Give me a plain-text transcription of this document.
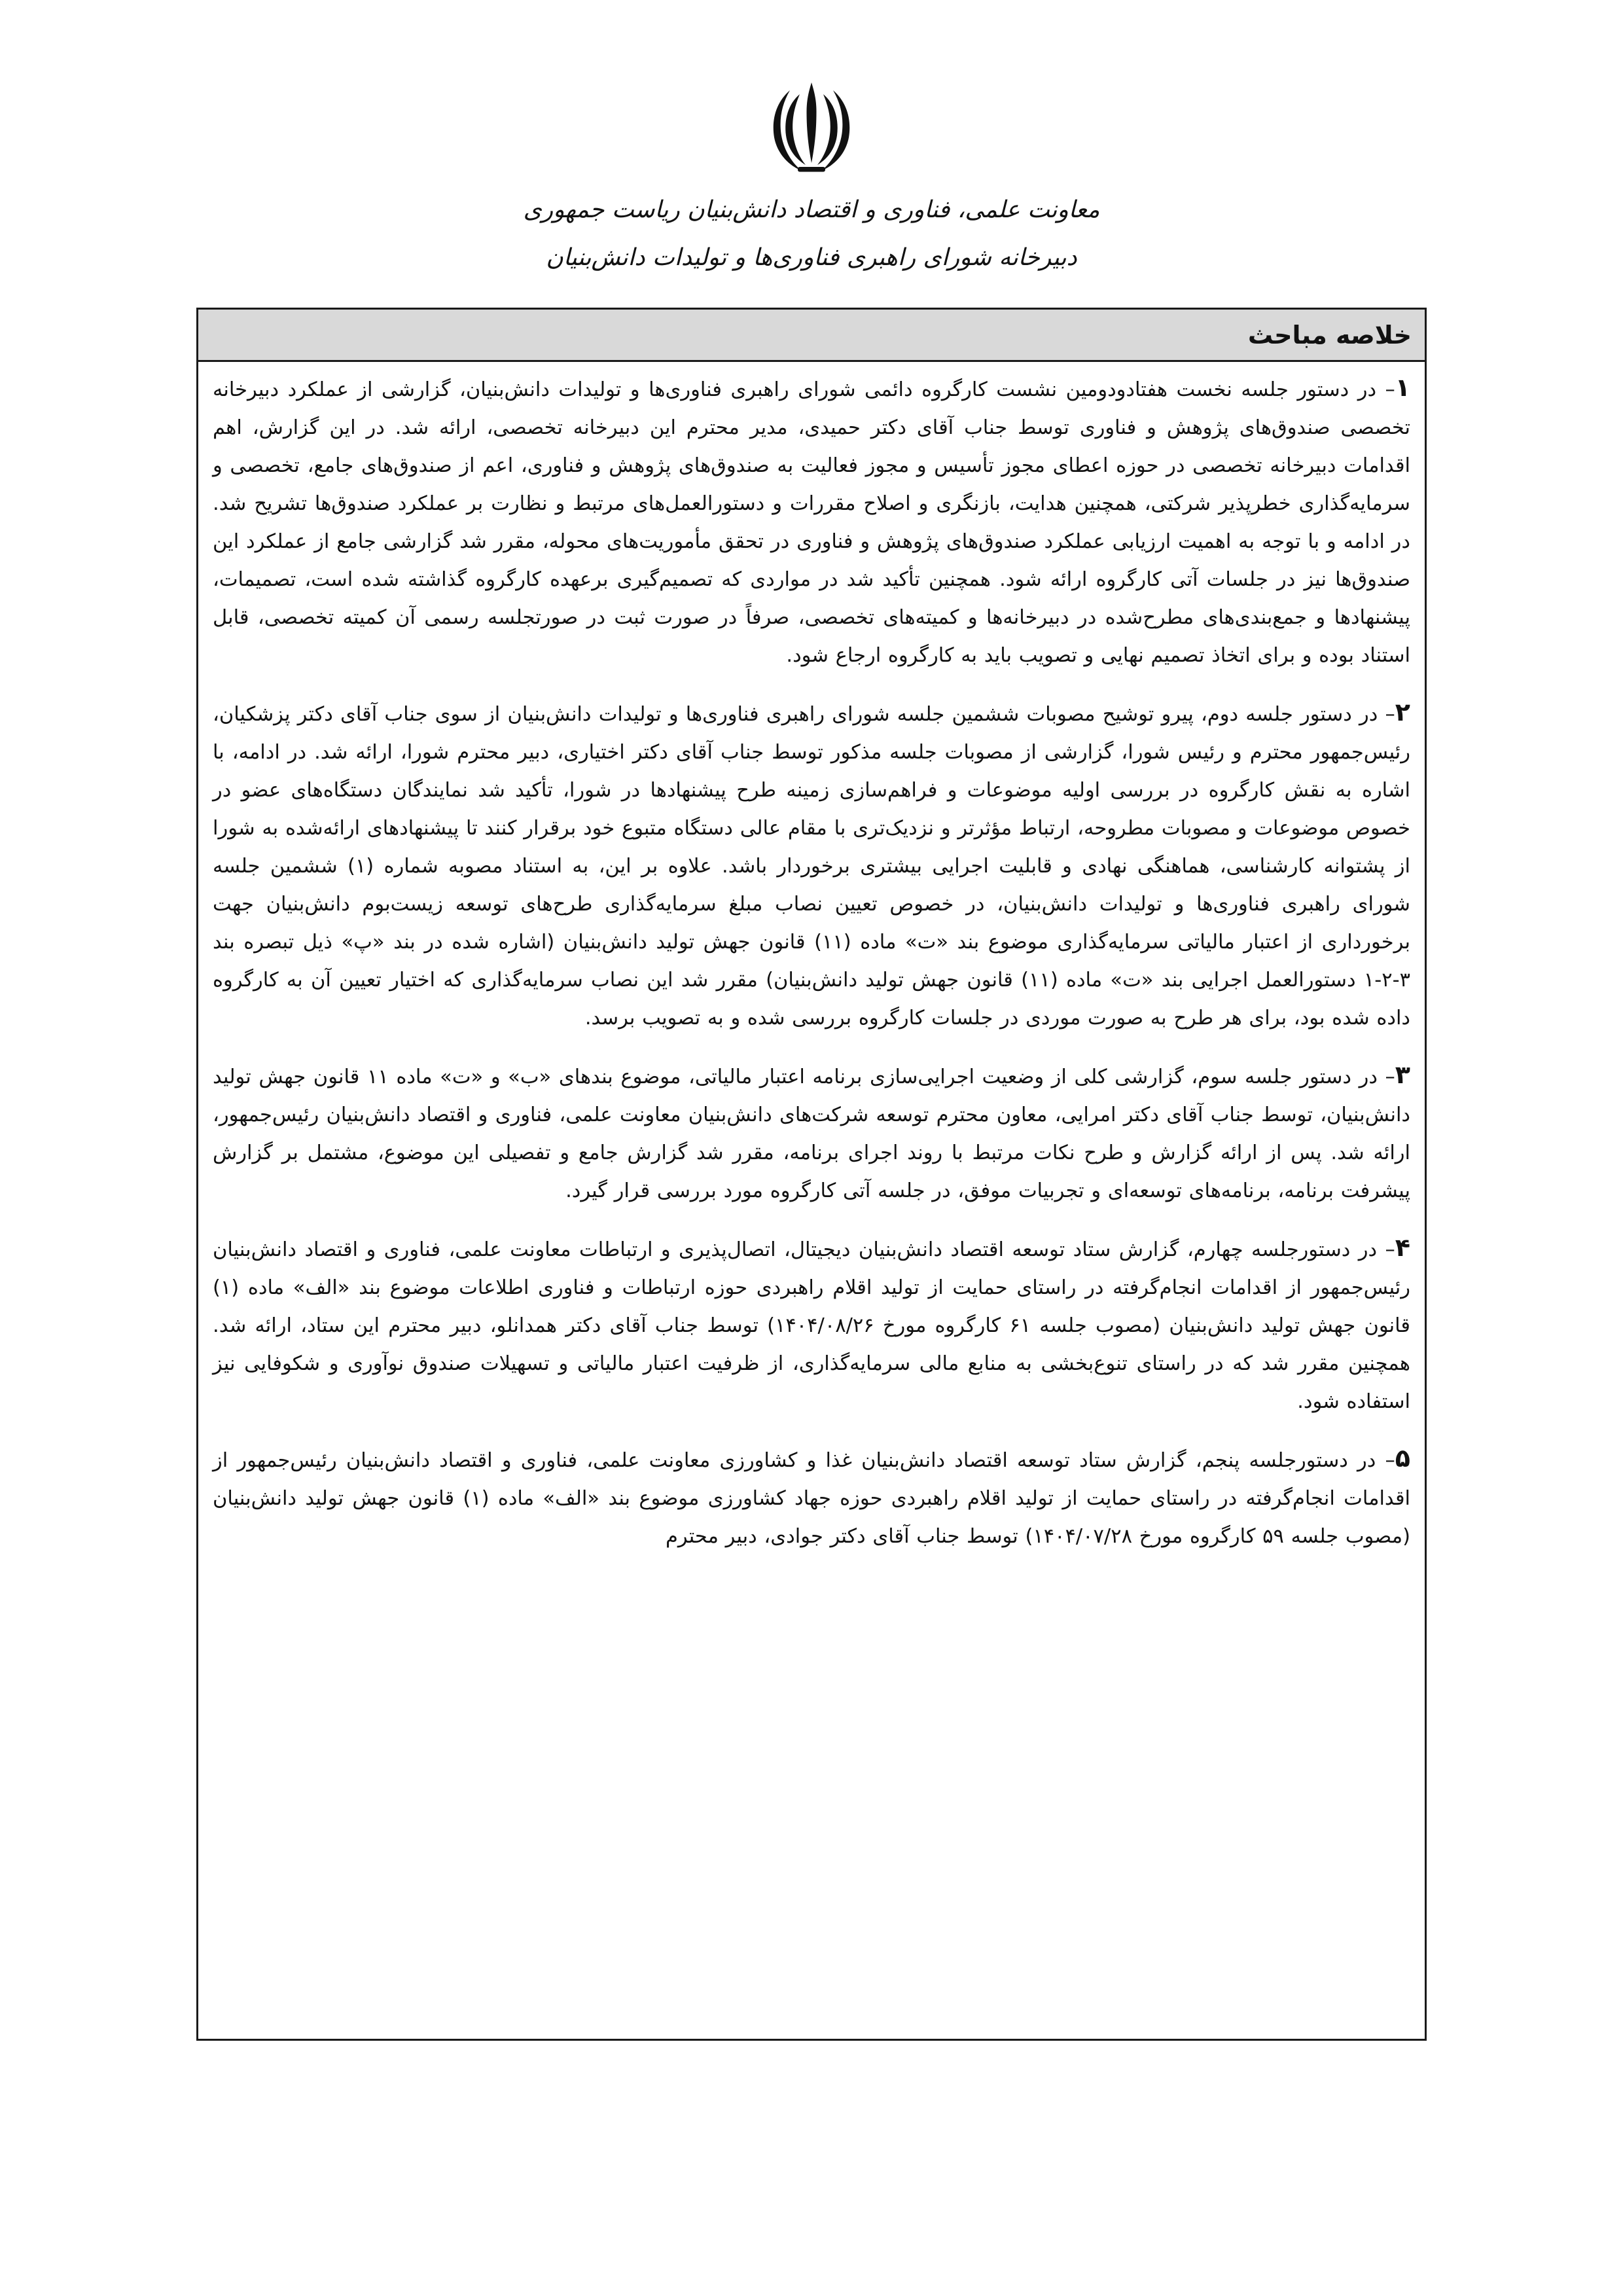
معاونت علمی، فناوری و اقتصاد دانش‌بنیان ریاست جمهوری

دبیرخانه شورای راهبری فناوری‌ها و تولیدات دانش‌بنیان

خلاصه مباحث

۱– در دستور جلسه نخست هفتادودومین نشست کارگروه دائمی شورای راهبری فناوری‌ها و تولیدات دانش‌بنیان، گزارشی از عملکرد دبیرخانه تخصصی صندوق‌های پژوهش و فناوری توسط جناب آقای دکتر حمیدی، مدیر محترم این دبیرخانه تخصصی، ارائه شد. در این گزارش، اهم اقدامات دبیرخانه تخصصی در حوزه اعطای مجوز تأسیس و مجوز فعالیت به صندوق‌های پژوهش و فناوری، اعم از صندوق‌های جامع، تخصصی و سرمایه‌گذاری خطرپذیر شرکتی، همچنین هدایت، بازنگری و اصلاح مقررات و دستورالعمل‌های مرتبط و نظارت بر عملکرد صندوق‌ها تشریح شد. در ادامه و با توجه به اهمیت ارزیابی عملکرد صندوق‌های پژوهش و فناوری در تحقق مأموریت‌های محوله، مقرر شد گزارشی جامع از عملکرد این صندوق‌ها نیز در جلسات آتی کارگروه ارائه شود. همچنین تأکید شد در مواردی که تصمیم‌گیری برعهده کارگروه گذاشته شده است، تصمیمات، پیشنهادها و جمع‌بندی‌های مطرح‌شده در دبیرخانه‌ها و کمیته‌های تخصصی، صرفاً در صورت ثبت در صورتجلسه رسمی آن کمیته تخصصی، قابل استناد بوده و برای اتخاذ تصمیم نهایی و تصویب باید به کارگروه ارجاع شود.

۲– در دستور جلسه دوم، پیرو توشیح مصوبات ششمین جلسه شورای راهبری فناوری‌ها و تولیدات دانش‌بنیان از سوی جناب آقای دکتر پزشکیان، رئیس‌جمهور محترم و رئیس شورا، گزارشی از مصوبات جلسه مذکور توسط جناب آقای دکتر اختیاری، دبیر محترم شورا، ارائه شد. در ادامه، با اشاره به نقش کارگروه در بررسی اولیه موضوعات و فراهم‌سازی زمینه طرح پیشنهادها در شورا، تأکید شد نمایندگان دستگاه‌های عضو در خصوص موضوعات و مصوبات مطروحه، ارتباط مؤثرتر و نزدیک‌تری با مقام عالی دستگاه متبوع خود برقرار کنند تا پیشنهادهای ارائه‌شده به شورا از پشتوانه کارشناسی، هماهنگی نهادی و قابلیت اجرایی بیشتری برخوردار باشد. علاوه بر این، به استناد مصوبه شماره (۱) ششمین جلسه شورای راهبری فناوری‌ها و تولیدات دانش‌بنیان، در خصوص تعیین نصاب مبلغ سرمایه‌گذاری طرح‌های توسعه زیست‌بوم دانش‌بنیان جهت برخورداری از اعتبار مالیاتی سرمایه‌گذاری موضوع بند «ت» ماده (۱۱) قانون جهش تولید دانش‌بنیان (اشاره شده در بند «پ» ذیل تبصره بند ۳-۲-۱ دستورالعمل اجرایی بند «ت» ماده (۱۱) قانون جهش تولید دانش‌بنیان) مقرر شد این نصاب سرمایه‌گذاری که اختیار تعیین آن به کارگروه داده شده بود، برای هر طرح به صورت موردی در جلسات کارگروه بررسی شده و به تصویب برسد.

۳– در دستور جلسه سوم، گزارشی کلی از وضعیت اجرایی‌سازی برنامه اعتبار مالیاتی، موضوع بندهای «ب» و «ت» ماده ۱۱ قانون جهش تولید دانش‌بنیان، توسط جناب آقای دکتر امرایی، معاون محترم توسعه شرکت‌های دانش‌بنیان معاونت علمی، فناوری و اقتصاد دانش‌بنیان رئیس‌جمهور، ارائه شد. پس از ارائه گزارش و طرح نکات مرتبط با روند اجرای برنامه، مقرر شد گزارش جامع و تفصیلی این موضوع، مشتمل بر گزارش پیشرفت برنامه، برنامه‌های توسعه‌ای و تجربیات موفق، در جلسه آتی کارگروه مورد بررسی قرار گیرد.

۴– در دستورجلسه چهارم، گزارش ستاد توسعه اقتصاد دانش‌بنیان دیجیتال، اتصال‌پذیری و ارتباطات معاونت علمی، فناوری و اقتصاد دانش‌بنیان رئیس‌جمهور از اقدامات انجام‌گرفته در راستای حمایت از تولید اقلام راهبردی حوزه ارتباطات و فناوری اطلاعات موضوع بند «الف» ماده (۱) قانون جهش تولید دانش‌بنیان (مصوب جلسه ۶۱ کارگروه مورخ ۱۴۰۴/۰۸/۲۶) توسط جناب آقای دکتر همدانلو، دبیر محترم این ستاد، ارائه شد. همچنین مقرر شد که در راستای تنوع‌بخشی به منابع مالی سرمایه‌گذاری، از ظرفیت اعتبار مالیاتی و تسهیلات صندوق نوآوری و شکوفایی نیز استفاده شود.

۵– در دستورجلسه پنجم، گزارش ستاد توسعه اقتصاد دانش‌بنیان غذا و کشاورزی معاونت علمی، فناوری و اقتصاد دانش‌بنیان رئیس‌جمهور از اقدامات انجام‌گرفته در راستای حمایت از تولید اقلام راهبردی حوزه جهاد کشاورزی موضوع بند «الف» ماده (۱) قانون جهش تولید دانش‌بنیان (مصوب جلسه ۵۹ کارگروه مورخ ۱۴۰۴/۰۷/۲۸) توسط جناب آقای دکتر جوادی، دبیر محترم
